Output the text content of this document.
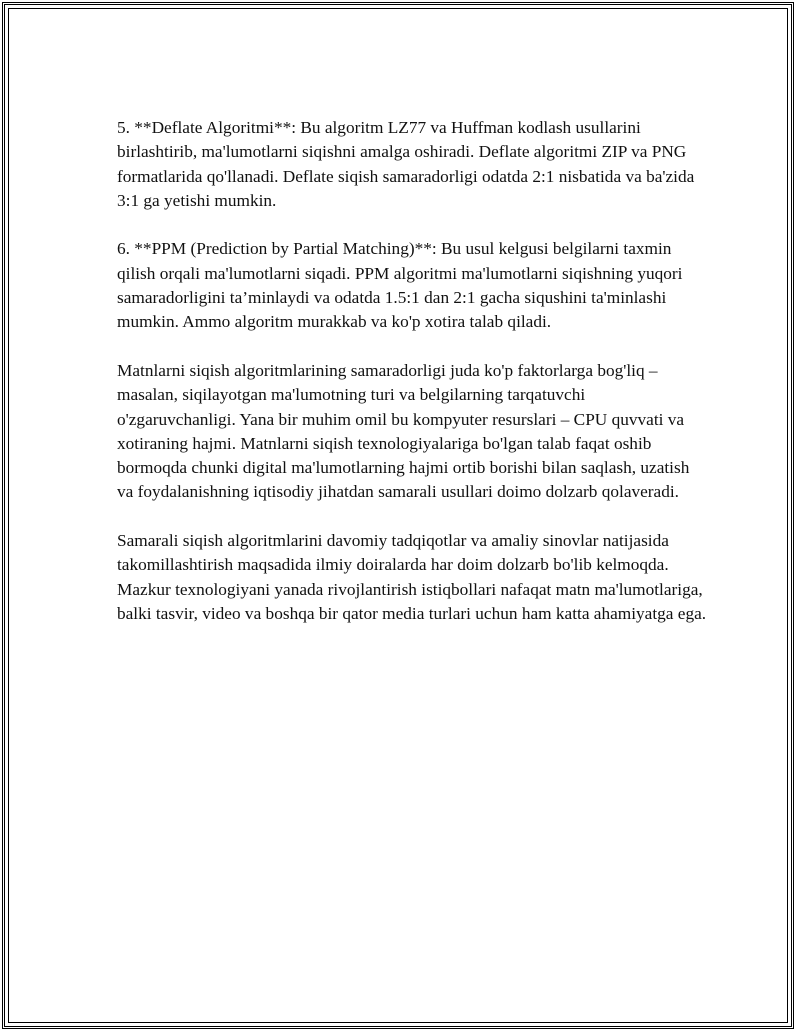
5. **Deflate Algoritmi**: Bu algoritm LZ77 va Huffman kodlash usullarini birlashtirib, ma'lumotlarni siqishni amalga oshiradi. Deflate algoritmi ZIP va PNG formatlarida qo'llanadi. Deflate siqish samaradorligi odatda 2:1 nisbatida va ba'zida 3:1 ga yetishi mumkin.

6. **PPM (Prediction by Partial Matching)**: Bu usul kelgusi belgilarni taxmin qilish orqali ma'lumotlarni siqadi. PPM algoritmi ma'lumotlarni siqishning yuqori samaradorligini ta’minlaydi va odatda 1.5:1 dan 2:1 gacha siqushini ta'minlashi mumkin. Ammo algoritm murakkab va ko'p xotira talab qiladi.

Matnlarni siqish algoritmlarining samaradorligi juda ko'p faktorlarga bog'liq – masalan, siqilayotgan ma'lumotning turi va belgilarning tarqatuvchi o'zgaruvchanligi. Yana bir muhim omil bu kompyuter resurslari – CPU quvvati va xotiraning hajmi. Matnlarni siqish texnologiyalariga bo'lgan talab faqat oshib bormoqda chunki digital ma'lumotlarning hajmi ortib borishi bilan saqlash, uzatish va foydalanishning iqtisodiy jihatdan samarali usullari doimo dolzarb qolaveradi.

Samarali siqish algoritmlarini davomiy tadqiqotlar va amaliy sinovlar natijasida takomillashtirish maqsadida ilmiy doiralarda har doim dolzarb bo'lib kelmoqda. Mazkur texnologiyani yanada rivojlantirish istiqbollari nafaqat matn ma'lumotlariga, balki tasvir, video va boshqa bir qator media turlari uchun ham katta ahamiyatga ega.
